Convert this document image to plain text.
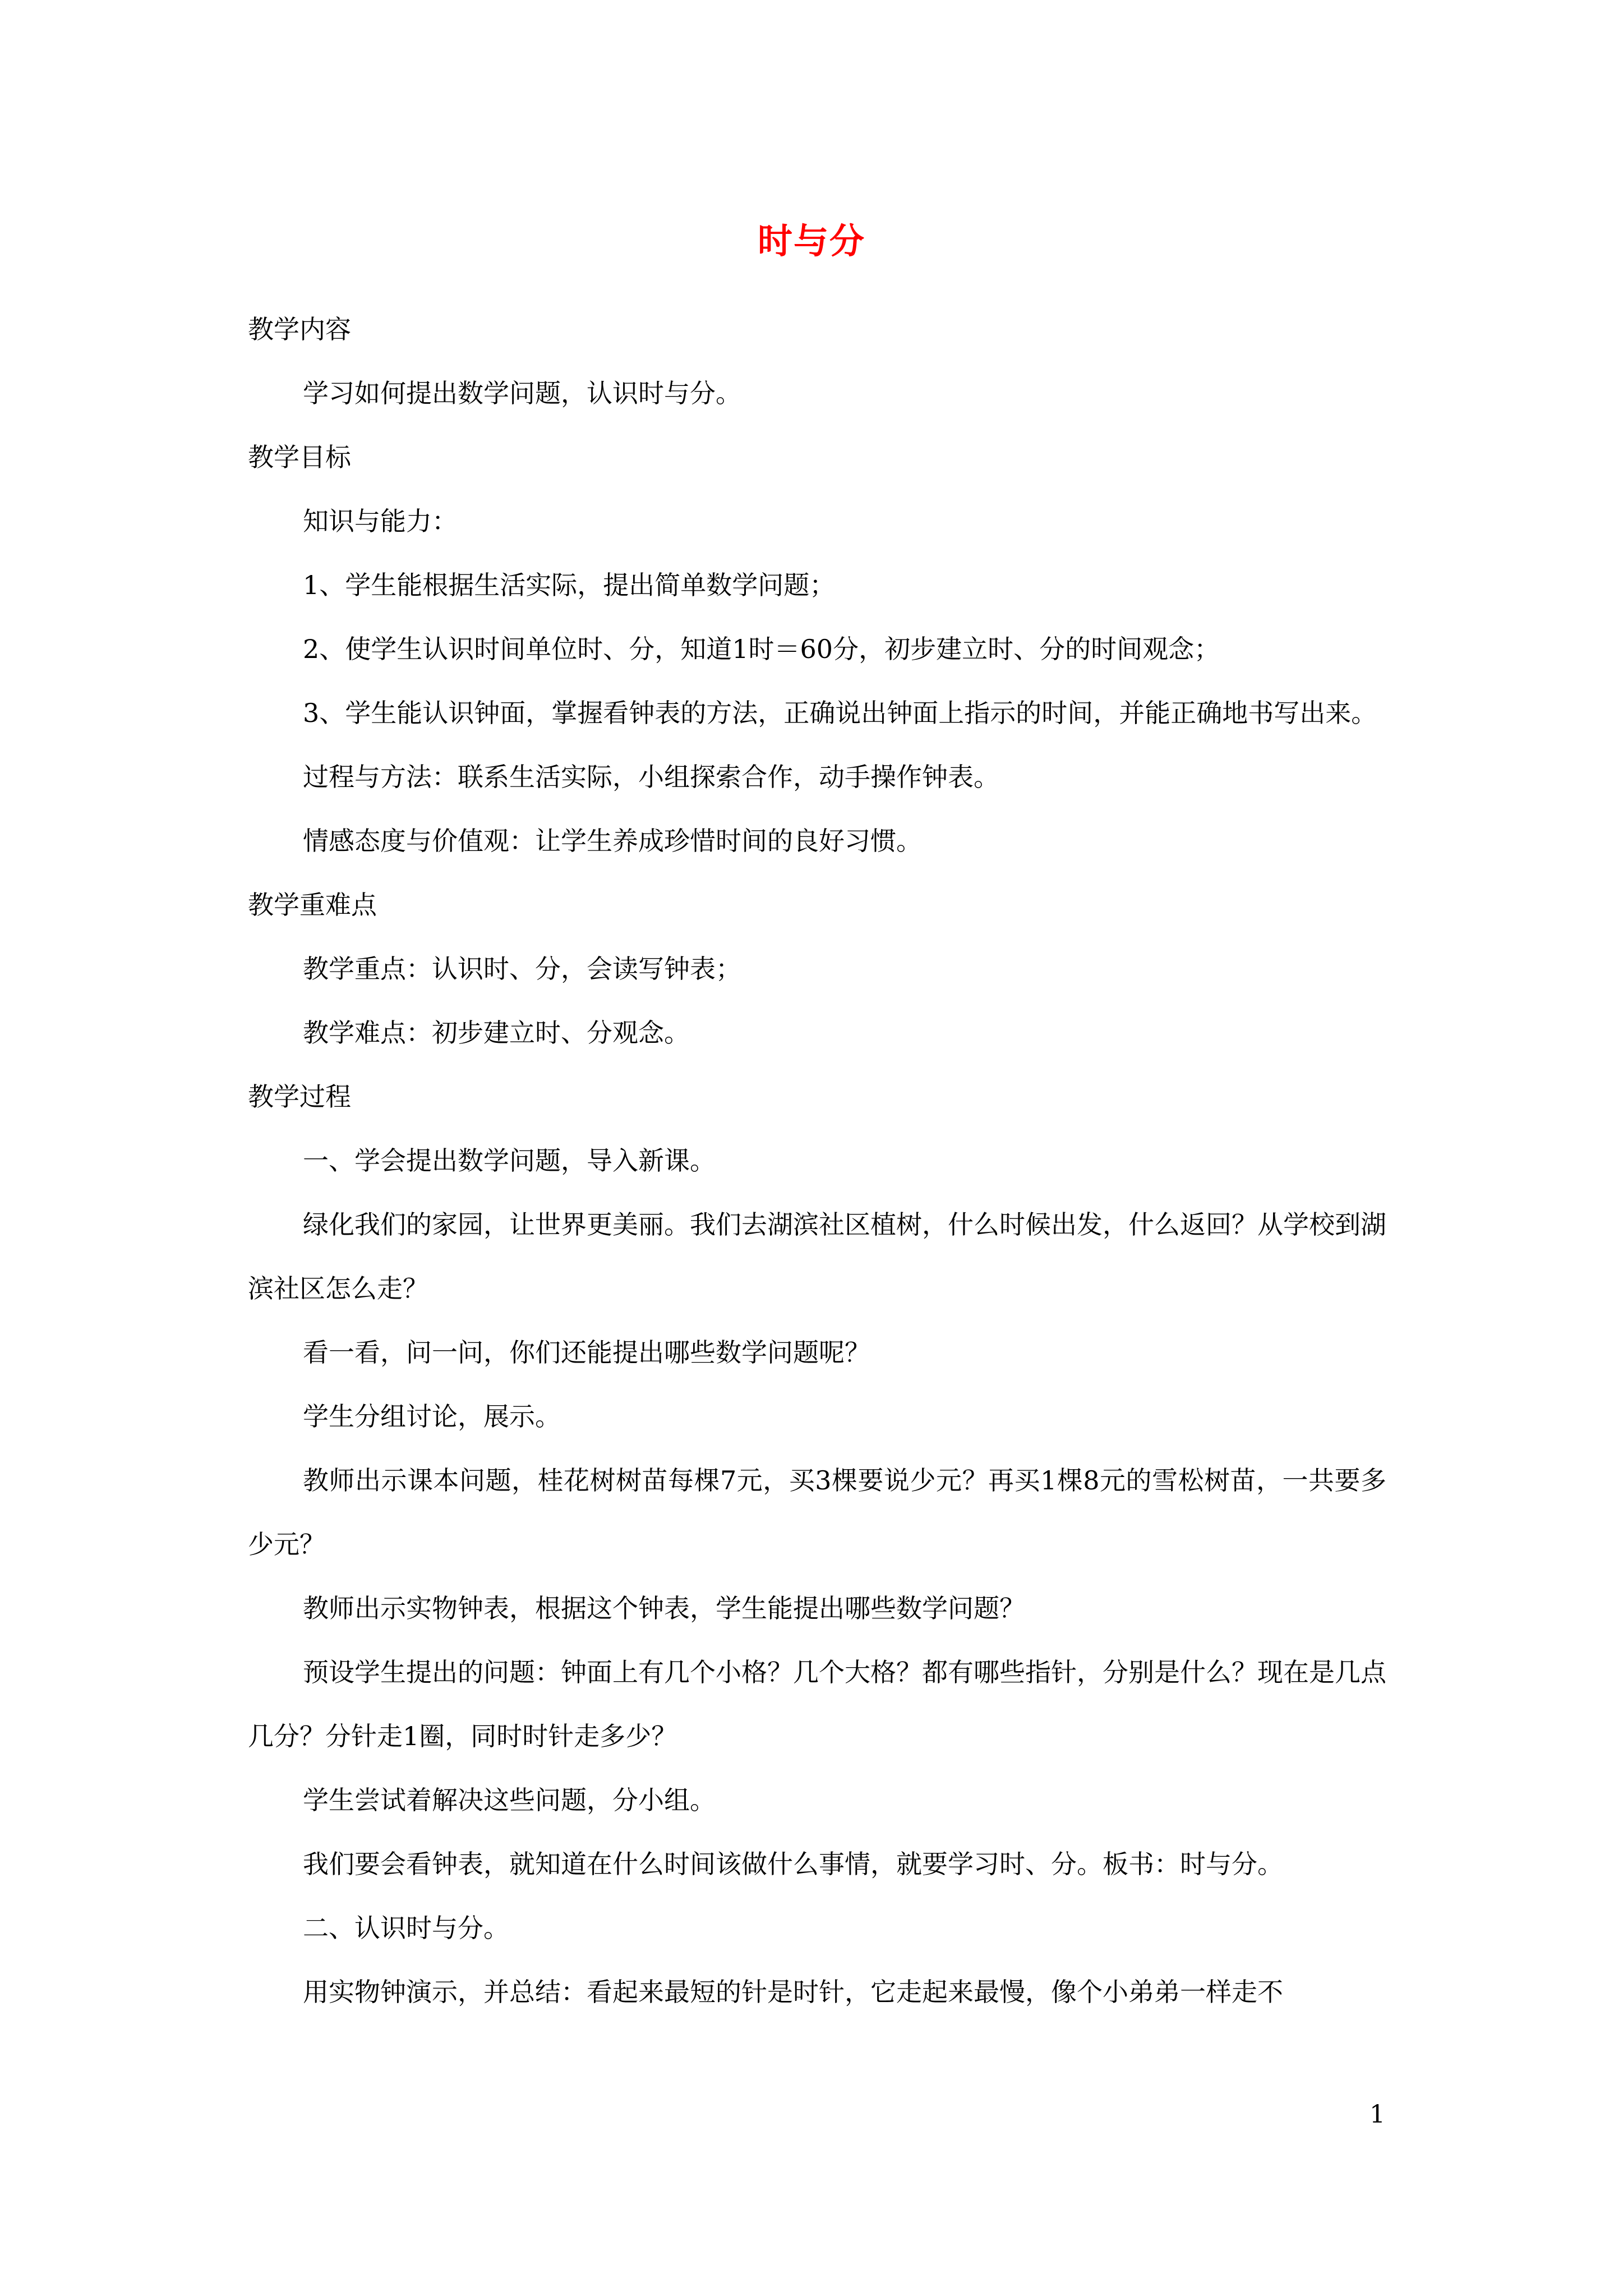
时与分

教学内容

学习如何提出数学问题，认识时与分。

教学目标

知识与能力：

1、学生能根据生活实际，提出简单数学问题；

2、使学生认识时间单位时、分，知道1时＝60分，初步建立时、分的时间观念；

3、学生能认识钟面，掌握看钟表的方法，正确说出钟面上指示的时间，并能正确地书写出来。

过程与方法：联系生活实际，小组探索合作，动手操作钟表。

情感态度与价值观：让学生养成珍惜时间的良好习惯。

教学重难点

教学重点：认识时、分，会读写钟表；

教学难点：初步建立时、分观念。

教学过程

一、学会提出数学问题，导入新课。

绿化我们的家园，让世界更美丽。我们去湖滨社区植树，什么时候出发，什么返回？从学校到湖滨社区怎么走？

看一看，问一问，你们还能提出哪些数学问题呢？

学生分组讨论，展示。

教师出示课本问题，桂花树树苗每棵7元，买3棵要说少元？再买1棵8元的雪松树苗，一共要多少元？

教师出示实物钟表，根据这个钟表，学生能提出哪些数学问题？

预设学生提出的问题：钟面上有几个小格？几个大格？都有哪些指针，分别是什么？现在是几点几分？分针走1圈，同时时针走多少？

学生尝试着解决这些问题，分小组。

我们要会看钟表，就知道在什么时间该做什么事情，就要学习时、分。板书：时与分。

二、认识时与分。

用实物钟演示，并总结：看起来最短的针是时针，它走起来最慢，像个小弟弟一样走不

1
